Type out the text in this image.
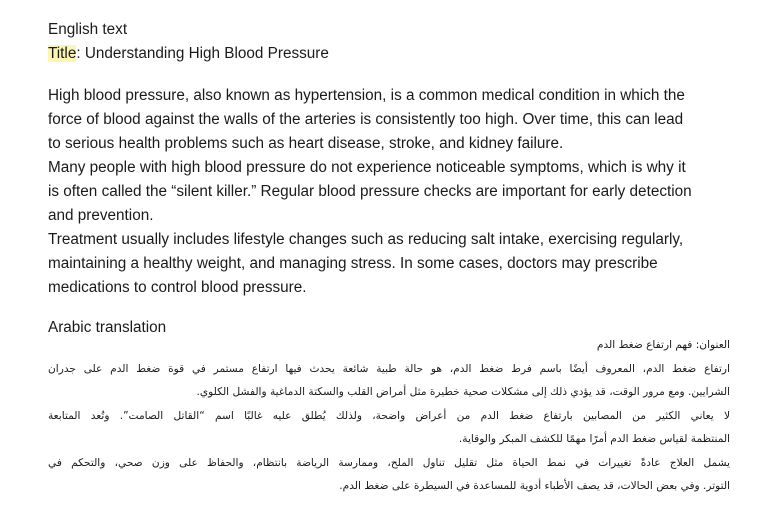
English text
Title: Understanding High Blood Pressure
High blood pressure, also known as hypertension, is a common medical condition in which the
force of blood against the walls of the arteries is consistently too high. Over time, this can lead
to serious health problems such as heart disease, stroke, and kidney failure.
Many people with high blood pressure do not experience noticeable symptoms, which is why it
is often called the “silent killer.” Regular blood pressure checks are important for early detection
and prevention.
Treatment usually includes lifestyle changes such as reducing salt intake, exercising regularly,
maintaining a healthy weight, and managing stress. In some cases, doctors may prescribe
medications to control blood pressure.
Arabic translation
العنوان: فهم ارتفاع ضغط الدم
ارتفاع ضغط الدم، المعروف أيضًا باسم فرط ضغط الدم، هو حالة طبية شائعة يحدث فيها ارتفاع مستمر في قوة ضغط الدم على جدران
الشرايين. ومع مرور الوقت، قد يؤدي ذلك إلى مشكلات صحية خطيرة مثل أمراض القلب والسكتة الدماغية والفشل الكلوي.
لا يعاني الكثير من المصابين بارتفاع ضغط الدم من أعراض واضحة، ولذلك يُطلق عليه غالبًا اسم “القاتل الصامت”. وتُعد المتابعة
المنتظمة لقياس ضغط الدم أمرًا مهمًا للكشف المبكر والوقاية.
يشمل العلاج عادةً تغييرات في نمط الحياة مثل تقليل تناول الملح، وممارسة الرياضة بانتظام، والحفاظ على وزن صحي، والتحكم في
التوتر. وفي بعض الحالات، قد يصف الأطباء أدوية للمساعدة في السيطرة على ضغط الدم.
